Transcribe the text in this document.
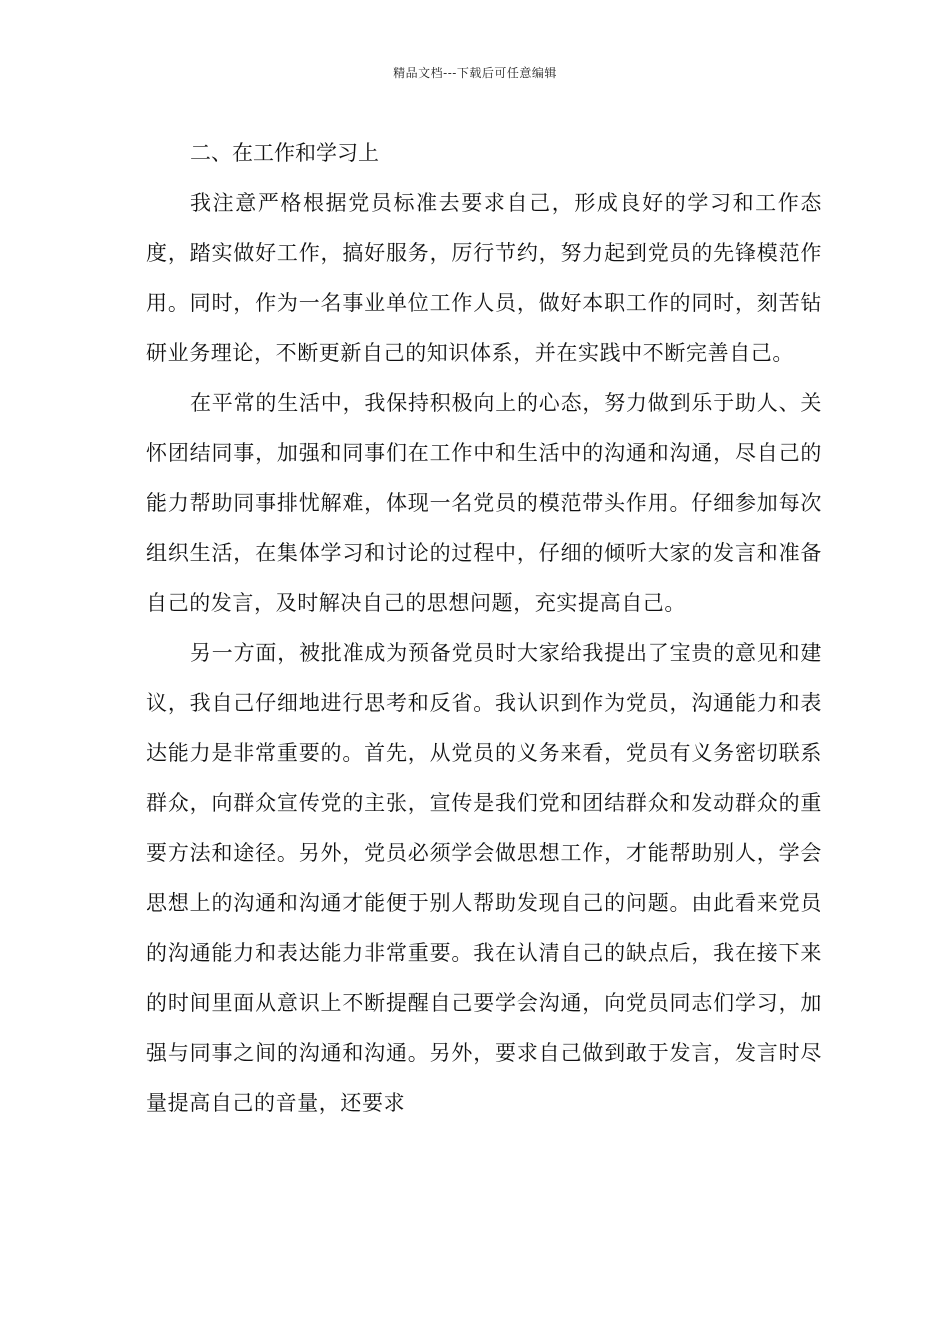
精品文档---下载后可任意编辑

二、在工作和学习上

我注意严格根据党员标准去要求自己，形成良好的学习和工作态度，踏实做好工作，搞好服务，厉行节约，努力起到党员的先锋模范作用。同时，作为一名事业单位工作人员，做好本职工作的同时，刻苦钻研业务理论，不断更新自己的知识体系，并在实践中不断完善自己。

在平常的生活中，我保持积极向上的心态，努力做到乐于助人、关怀团结同事，加强和同事们在工作中和生活中的沟通和沟通，尽自己的能力帮助同事排忧解难，体现一名党员的模范带头作用。仔细参加每次组织生活，在集体学习和讨论的过程中，仔细的倾听大家的发言和准备自己的发言，及时解决自己的思想问题，充实提高自己。

另一方面，被批准成为预备党员时大家给我提出了宝贵的意见和建议，我自己仔细地进行思考和反省。我认识到作为党员，沟通能力和表达能力是非常重要的。首先，从党员的义务来看，党员有义务密切联系群众，向群众宣传党的主张，宣传是我们党和团结群众和发动群众的重要方法和途径。另外，党员必须学会做思想工作，才能帮助别人，学会思想上的沟通和沟通才能便于别人帮助发现自己的问题。由此看来党员的沟通能力和表达能力非常重要。我在认清自己的缺点后，我在接下来的时间里面从意识上不断提醒自己要学会沟通，向党员同志们学习，加强与同事之间的沟通和沟通。另外，要求自己做到敢于发言，发言时尽量提高自己的音量，还要求
